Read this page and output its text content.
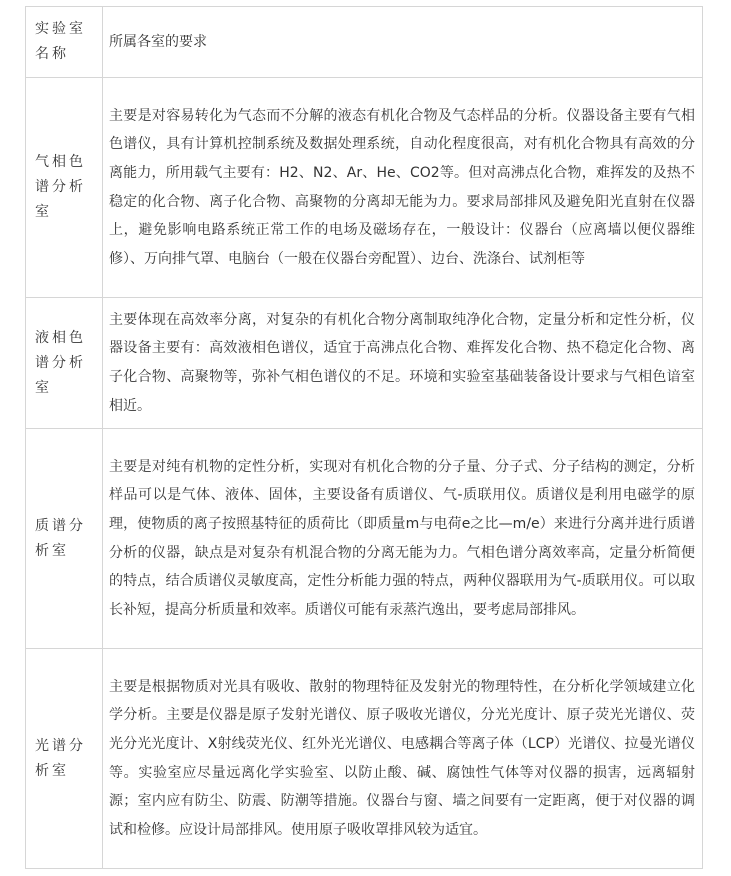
实验室名称	所属各室的要求
气相色谱分析室	主要是对容易转化为气态而不分解的液态有机化合物及气态样品的分析。仪器设备主要有气相色谱仪，具有计算机控制系统及数据处理系统，自动化程度很高，对有机化合物具有高效的分离能力，所用载气主要有：H2、N2、Ar、He、CO2等。但对高沸点化合物，难挥发的及热不稳定的化合物、离子化合物、高聚物的分离却无能为力。要求局部排风及避免阳光直射在仪器上，避免影响电路系统正常工作的电场及磁场存在，一般设计：仪器台（应离墙以便仪器维修）、万向排气罩、电脑台（一般在仪器台旁配置）、边台、洗涤台、试剂柜等
液相色谱分析室	主要体现在高效率分离，对复杂的有机化合物分离制取纯净化合物，定量分析和定性分析，仪器设备主要有：高效液相色谱仪，适宜于高沸点化合物、难挥发化合物、热不稳定化合物、离子化合物、高聚物等，弥补气相色谱仪的不足。环境和实验室基础装备设计要求与气相色谙室相近。
质谱分析室	主要是对纯有机物的定性分析，实现对有机化合物的分子量、分子式、分子结构的测定，分析样品可以是气体、液体、固体，主要设备有质谱仪、气-质联用仪。质谱仪是利用电磁学的原理，使物质的离子按照基特征的质荷比（即质量m与电荷e之比—m/e）来进行分离并进行质谱分析的仪器，缺点是对复杂有机混合物的分离无能为力。气相色谱分离效率高，定量分析简便的特点，结合质谱仪灵敏度高，定性分析能力强的特点，两种仪器联用为气-质联用仪。可以取长补短，提高分析质量和效率。质谱仪可能有汞蒸汽逸出，要考虑局部排风。
光谱分析室	主要是根据物质对光具有吸收、散射的物理特征及发射光的物理特性，在分析化学领域建立化学分析。主要是仪器是原子发射光谱仪、原子吸收光谱仪，分光光度计、原子荧光光谱仪、荧光分光光度计、X射线荧光仪、红外光光谱仪、电感耦合等离子体（LCP）光谱仪、拉曼光谱仪等。实验室应尽量远离化学实验室、以防止酸、碱、腐蚀性气体等对仪器的损害，远离辐射源；室内应有防尘、防震、防潮等措施。仪器台与窗、墙之间要有一定距离，便于对仪器的调试和检修。应设计局部排风。使用原子吸收罩排风较为适宜。
